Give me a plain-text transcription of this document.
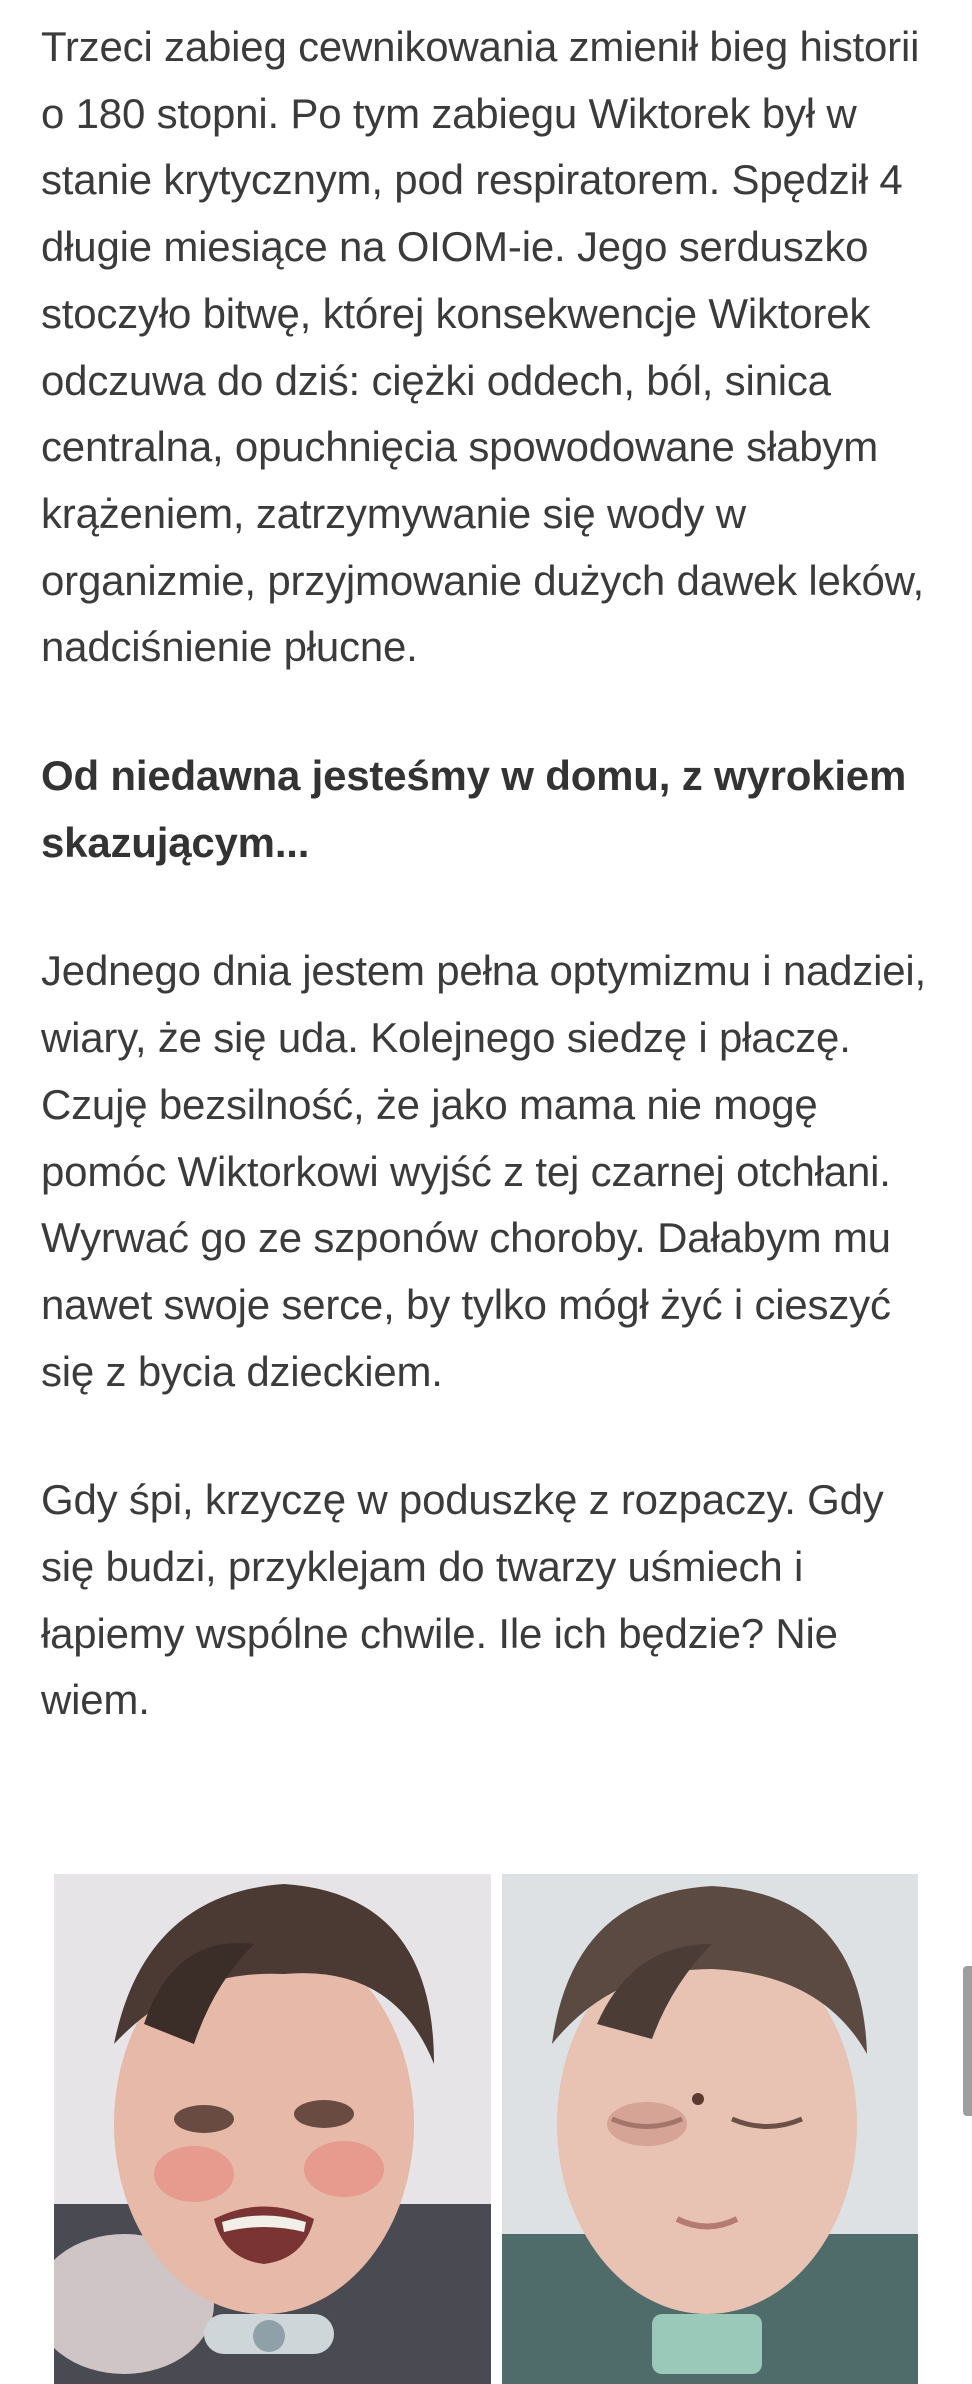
Trzeci zabieg cewnikowania zmienił bieg historii o 180 stopni. Po tym zabiegu Wiktorek był w stanie krytycznym, pod respiratorem. Spędził 4 długie miesiące na OIOM-ie. Jego serduszko stoczyło bitwę, której konsekwencje Wiktorek odczuwa do dziś: ciężki oddech, ból, sinica centralna, opuchnięcia spowodowane słabym krążeniem, zatrzymywanie się wody w organizmie, przyjmowanie dużych dawek leków, nadciśnienie płucne.

Od niedawna jesteśmy w domu, z wyrokiem skazującym...

Jednego dnia jestem pełna optymizmu i nadziei, wiary, że się uda. Kolejnego siedzę i płaczę. Czuję bezsilność, że jako mama nie mogę pomóc Wiktorkowi wyjść z tej czarnej otchłani. Wyrwać go ze szponów choroby. Dałabym mu nawet swoje serce, by tylko mógł żyć i cieszyć się z bycia dzieckiem.

Gdy śpi, krzyczę w poduszkę z rozpaczy. Gdy się budzi, przyklejam do twarzy uśmiech i łapiemy wspólne chwile. Ile ich będzie? Nie wiem.
